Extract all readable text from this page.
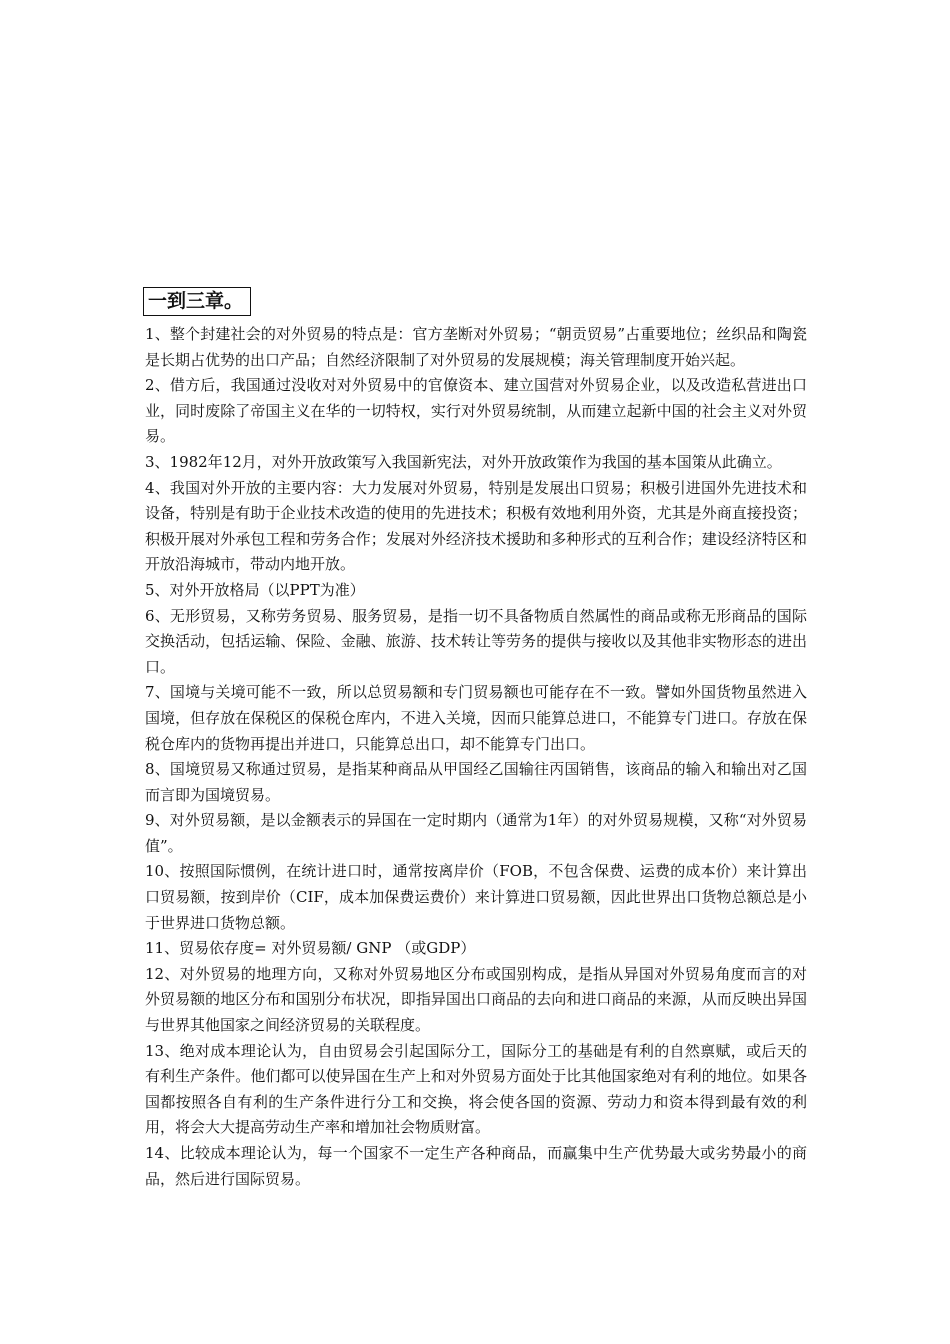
一到三章。

1、整个封建社会的对外贸易的特点是：官方垄断对外贸易；“朝贡贸易”占重要地位；丝织品和陶瓷是长期占优势的出口产品；自然经济限制了对外贸易的发展规模；海关管理制度开始兴起。

2、借方后，我国通过没收对对外贸易中的官僚资本、建立国营对外贸易企业，以及改造私营进出口业，同时废除了帝国主义在华的一切特权，实行对外贸易统制，从而建立起新中国的社会主义对外贸易。

3、1982年12月，对外开放政策写入我国新宪法，对外开放政策作为我国的基本国策从此确立。

4、我国对外开放的主要内容：大力发展对外贸易，特别是发展出口贸易；积极引进国外先进技术和设备，特别是有助于企业技术改造的使用的先进技术；积极有效地利用外资，尤其是外商直接投资；积极开展对外承包工程和劳务合作；发展对外经济技术援助和多种形式的互利合作；建设经济特区和开放沿海城市，带动内地开放。

5、对外开放格局（以PPT为准）

6、无形贸易，又称劳务贸易、服务贸易，是指一切不具备物质自然属性的商品或称无形商品的国际交换活动，包括运输、保险、金融、旅游、技术转让等劳务的提供与接收以及其他非实物形态的进出口。

7、国境与关境可能不一致，所以总贸易额和专门贸易额也可能存在不一致。譬如外国货物虽然进入国境，但存放在保税区的保税仓库内，不进入关境，因而只能算总进口，不能算专门进口。存放在保税仓库内的货物再提出并进口，只能算总出口，却不能算专门出口。

8、国境贸易又称通过贸易，是指某种商品从甲国经乙国输往丙国销售，该商品的输入和输出对乙国而言即为国境贸易。

9、对外贸易额，是以金额表示的异国在一定时期内（通常为1年）的对外贸易规模，又称“对外贸易值”。

10、按照国际惯例，在统计进口时，通常按离岸价（FOB，不包含保费、运费的成本价）来计算出口贸易额，按到岸价（CIF，成本加保费运费价）来计算进口贸易额，因此世界出口货物总额总是小于世界进口货物总额。

11、贸易依存度= 对外贸易额/ GNP （或GDP）

12、对外贸易的地理方向，又称对外贸易地区分布或国别构成，是指从异国对外贸易角度而言的对外贸易额的地区分布和国别分布状况，即指异国出口商品的去向和进口商品的来源，从而反映出异国与世界其他国家之间经济贸易的关联程度。

13、绝对成本理论认为，自由贸易会引起国际分工，国际分工的基础是有利的自然禀赋，或后天的有利生产条件。他们都可以使异国在生产上和对外贸易方面处于比其他国家绝对有利的地位。如果各国都按照各自有利的生产条件进行分工和交换，将会使各国的资源、劳动力和资本得到最有效的利用，将会大大提高劳动生产率和增加社会物质财富。

14、比较成本理论认为，每一个国家不一定生产各种商品，而赢集中生产优势最大或劣势最小的商品，然后进行国际贸易。
